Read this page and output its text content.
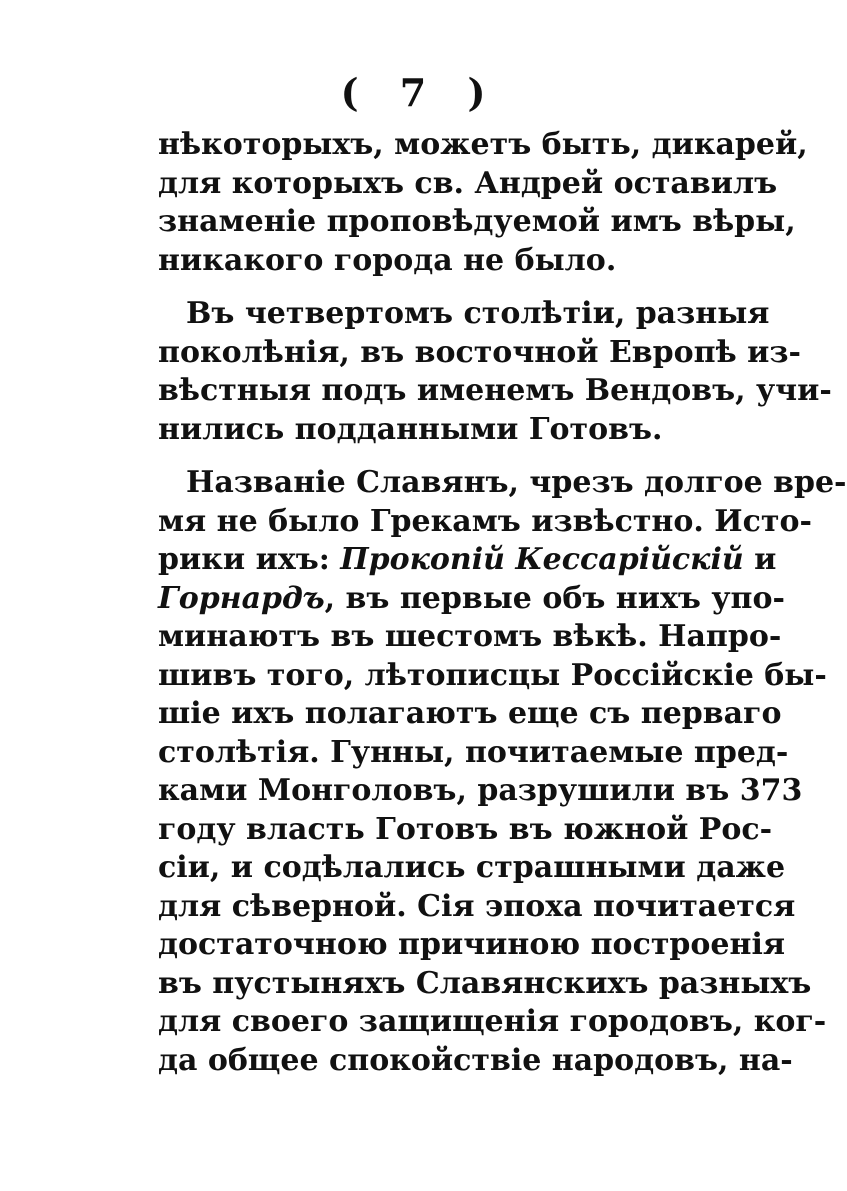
( 7 )
нѣкоторыхъ, можетъ быть, дикарей,
для которыхъ св. Андрей оставилъ
знаменіе проповѣдуемой имъ вѣры,
никакого города не было.
Въ четвертомъ столѣтіи, разныя
поколѣнія, въ восточной Европѣ из-
вѣстныя подъ именемъ Вендовъ, учи-
нились подданными Готовъ.
Названіе Славянъ, чрезъ долгое вре-
мя не было Грекамъ извѣстно. Исто-
рики ихъ: Прокопій Кессарійскій и
Горнардъ, въ первые объ нихъ упо-
минаютъ въ шестомъ вѣкѣ. Напро-
шивъ того, лѣтописцы Россійскіе бы-
шіе ихъ полагаютъ еще съ перваго
столѣтія. Гунны, почитаемые пред-
ками Монголовъ, разрушили въ 373
году власть Готовъ въ южной Рос-
сіи, и содѣлались страшными даже
для сѣверной. Сія эпоха почитается
достаточною причиною построенія
въ пустыняхъ Славянскихъ разныхъ
для своего защищенія городовъ, ког-
да общее спокойствіе народовъ, на-
